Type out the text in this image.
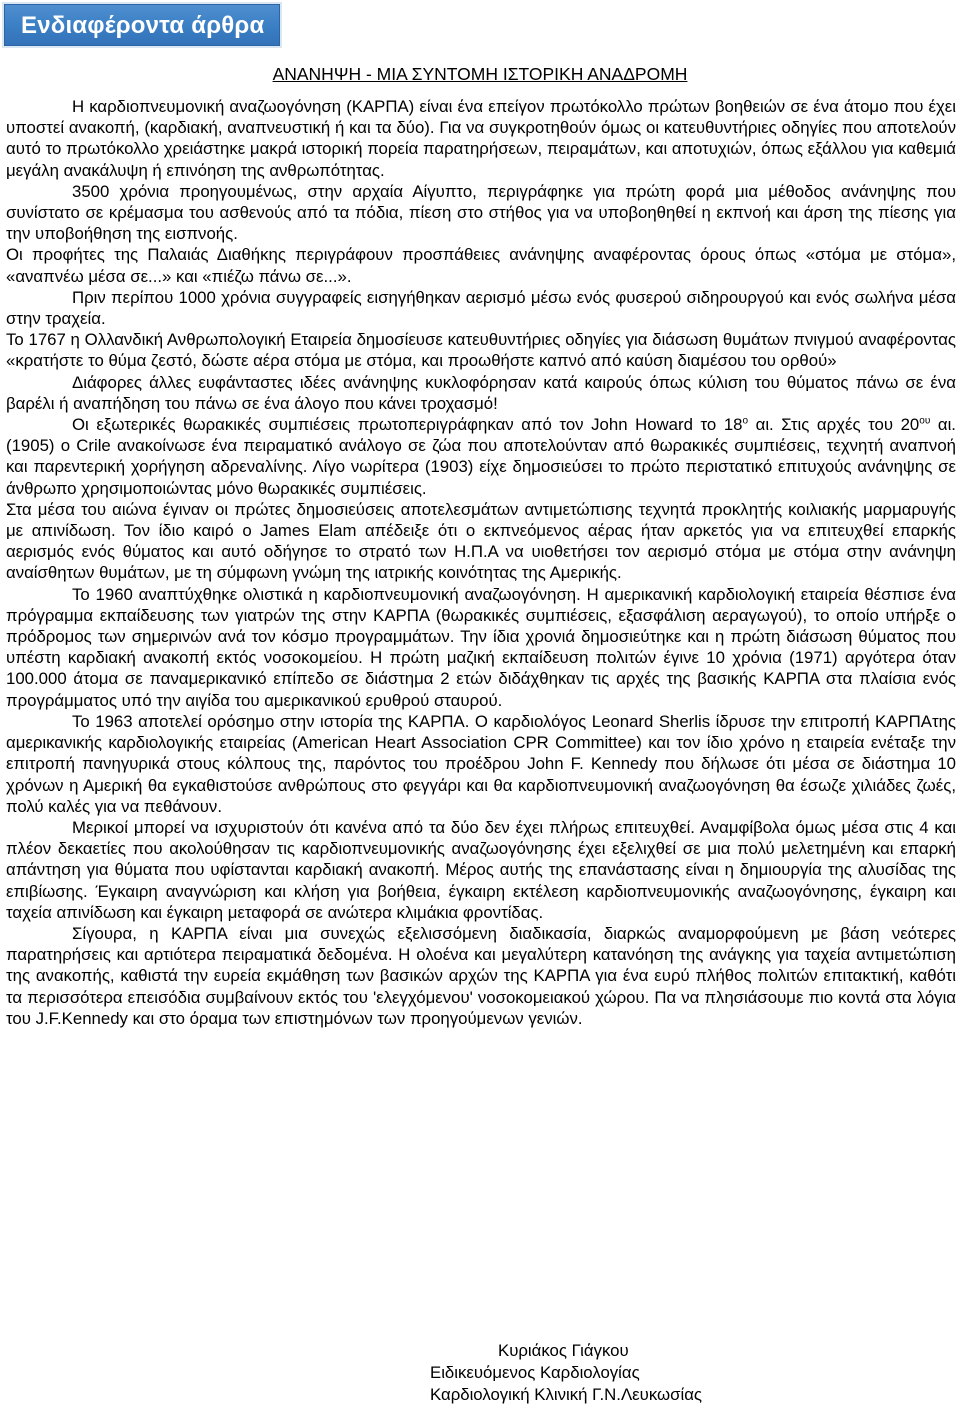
Ενδιαφέροντα άρθρα
ΑΝΑΝΗΨΗ - ΜΙΑ ΣΥΝΤΟΜΗ ΙΣΤΟΡΙΚΗ ΑΝΑΔΡΟΜΗ

Η καρδιοπνευμονική αναζωογόνηση (ΚΑΡΠΑ) είναι ένα επείγον πρωτόκολλο πρώτων βοηθειών σε ένα άτομο που έχει υποστεί ανακοπή, (καρδιακή, αναπνευστική ή και τα δύο). Για να συγκροτηθούν όμως οι κατευθυντήριες οδηγίες που αποτελούν αυτό το πρωτόκολλο χρειάστηκε μακρά ιστορική πορεία παρατηρήσεων, πειραμάτων, και αποτυχιών, όπως εξάλλου για καθεμιά μεγάλη ανακάλυψη ή επινόηση της ανθρωπότητας.

3500 χρόνια προηγουμένως, στην αρχαία Αίγυπτο, περιγράφηκε για πρώτη φορά μια μέθοδος ανάνηψης που συνίστατο σε κρέμασμα του ασθενούς από τα πόδια, πίεση στο στήθος για να υποβοηθηθεί η εκπνοή και άρση της πίεσης για την υποβοήθηση της εισπνοής.

Οι προφήτες της Παλαιάς Διαθήκης περιγράφουν προσπάθειες ανάνηψης αναφέροντας όρους όπως «στόμα με στόμα», «αναπνέω μέσα σε...» και «πιέζω πάνω σε...».

Πριν περίπου 1000 χρόνια συγγραφείς εισηγήθηκαν αερισμό μέσω ενός φυσερού σιδηρουργού και ενός σωλήνα μέσα στην τραχεία.

Το 1767 η Ολλανδική Ανθρωπολογική Εταιρεία δημοσίευσε κατευθυντήριες οδηγίες για διάσωση θυμάτων πνιγμού αναφέροντας «κρατήστε το θύμα ζεστό, δώστε αέρα στόμα με στόμα, και προωθήστε καπνό από καύση διαμέσου του ορθού»

Διάφορες άλλες ευφάνταστες ιδέες ανάνηψης κυκλοφόρησαν κατά καιρούς όπως κύλιση του θύματος πάνω σε ένα βαρέλι ή αναπήδηση του πάνω σε ένα άλογο που κάνει τροχασμό!

Οι εξωτερικές θωρακικές συμπιέσεις πρωτοπεριγράφηκαν από τον John Howard το $18^o$ αι. Στις αρχές του $20^{o\upsilon}$ αι. (1905) ο Crile ανακοίνωσε ένα πειραματικό ανάλογο σε ζώα που αποτελούνταν από θωρακικές συμπιέσεις, τεχνητή αναπνοή και παρεντερική χορήγηση αδρεναλίνης. Λίγο νωρίτερα (1903) είχε δημοσιεύσει το πρώτο περιστατικό επιτυχούς ανάνηψης σε άνθρωπο χρησιμοποιώντας μόνο θωρακικές συμπιέσεις.

Στα μέσα του αιώνα έγιναν οι πρώτες δημοσιεύσεις αποτελεσμάτων αντιμετώπισης τεχνητά προκλητής κοιλιακής μαρμαρυγής με απινίδωση. Τον ίδιο καιρό ο James Elam απέδειξε ότι ο εκπνεόμενος αέρας ήταν αρκετός για να επιτευχθεί επαρκής αερισμός ενός θύματος και αυτό οδήγησε το στρατό των Η.Π.Α να υιοθετήσει τον αερισμό στόμα με στόμα στην ανάνηψη αναίσθητων θυμάτων, με τη σύμφωνη γνώμη της ιατρικής κοινότητας της Αμερικής.

Το 1960 αναπτύχθηκε ολιστικά η καρδιοπνευμονική αναζωογόνηση. Η αμερικανική καρδιολογική εταιρεία θέσπισε ένα πρόγραμμα εκπαίδευσης των γιατρών της στην ΚΑΡΠΑ (θωρακικές συμπιέσεις, εξασφάλιση αεραγωγού), το οποίο υπήρξε ο πρόδρομος των σημερινών ανά τον κόσμο προγραμμάτων. Την ίδια χρονιά δημοσιεύτηκε και η πρώτη διάσωση θύματος που υπέστη καρδιακή ανακοπή εκτός νοσοκομείου. Η πρώτη μαζική εκπαίδευση πολιτών έγινε 10 χρόνια (1971) αργότερα όταν 100.000 άτομα σε παναμερικανικό επίπεδο σε διάστημα 2 ετών διδάχθηκαν τις αρχές της βασικής ΚΑΡΠΑ στα πλαίσια ενός προγράμματος υπό την αιγίδα του αμερικανικού ερυθρού σταυρού.

Το 1963 αποτελεί ορόσημο στην ιστορία της ΚΑΡΠΑ. Ο καρδιολόγος Leonard Sherlis ίδρυσε την επιτροπή ΚΑΡΠΑτης αμερικανικής καρδιολογικής εταιρείας (American Heart Association CPR Committee) και τον ίδιο χρόνο η εταιρεία ενέταξε την επιτροπή πανηγυρικά στους κόλπους της, παρόντος του προέδρου John F. Kennedy που δήλωσε ότι μέσα σε διάστημα 10 χρόνων η Αμερική θα εγκαθιστούσε ανθρώπους στο φεγγάρι και θα καρδιοπνευμονική αναζωογόνηση θα έσωζε χιλιάδες ζωές, πολύ καλές για να πεθάνουν.

Μερικοί μπορεί να ισχυριστούν ότι κανένα από τα δύο δεν έχει πλήρως επιτευχθεί. Αναμφίβολα όμως μέσα στις 4 και πλέον δεκαετίες που ακολούθησαν τις καρδιοπνευμονικής αναζωογόνησης έχει εξελιχθεί σε μια πολύ μελετημένη και επαρκή απάντηση για θύματα που υφίστανται καρδιακή ανακοπή. Μέρος αυτής της επανάστασης είναι η δημιουργία της αλυσίδας της επιβίωσης. Έγκαιρη αναγνώριση και κλήση για βοήθεια, έγκαιρη εκτέλεση καρδιοπνευμονικής αναζωογόνησης, έγκαιρη και ταχεία απινίδωση και έγκαιρη μεταφορά σε ανώτερα κλιμάκια φροντίδας.

Σίγουρα, η ΚΑΡΠΑ είναι μια συνεχώς εξελισσόμενη διαδικασία, διαρκώς αναμορφούμενη με βάση νεότερες παρατηρήσεις και αρτιότερα πειραματικά δεδομένα. Η ολοένα και μεγαλύτερη κατανόηση της ανάγκης για ταχεία αντιμετώπιση της ανακοπής, καθιστά την ευρεία εκμάθηση των βασικών αρχών της ΚΑΡΠΑ για ένα ευρύ πλήθος πολιτών επιτακτική, καθότι τα περισσότερα επεισόδια συμβαίνουν εκτός του 'ελεγχόμενου' νοσοκομειακού χώρου. Πα να πλησιάσουμε πιο κοντά στα λόγια του J.F.Kennedy και στο όραμα των επιστημόνων των προηγούμενων γενιών.

Κυριάκος Γιάγκου
Ειδικευόμενος Καρδιολογίας
Καρδιολογική Κλινική Γ.Ν.Λευκωσίας
